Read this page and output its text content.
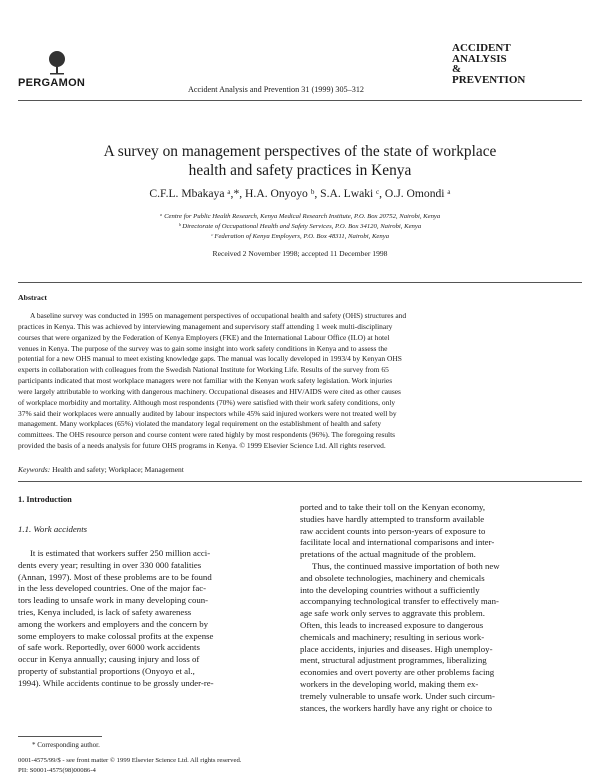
PERGAMON
Accident Analysis and Prevention 31 (1999) 305–312
ACCIDENT
ANALYSIS
&
PREVENTION
A survey on management perspectives of the state of workplace
health and safety practices in Kenya
C.F.L. Mbakaya ᵃ,*, H.A. Onyoyo ᵇ, S.A. Lwaki ᶜ, O.J. Omondi ᵃ
ᵃ Centre for Public Health Research, Kenya Medical Research Institute, P.O. Box 20752, Nairobi, Kenya
ᵇ Directorate of Occupational Health and Safety Services, P.O. Box 34120, Nairobi, Kenya
ᶜ Federation of Kenya Employers, P.O. Box 48311, Nairobi, Kenya
Received 2 November 1998; accepted 11 December 1998
Abstract
A baseline survey was conducted in 1995 on management perspectives of occupational health and safety (OHS) structures and
practices in Kenya. This was achieved by interviewing management and supervisory staff attending 1 week multi-disciplinary
courses that were organized by the Federation of Kenya Employers (FKE) and the International Labour Office (ILO) at hotel
venues in Kenya. The purpose of the survey was to gain some insight into work safety conditions in Kenya and to assess the
potential for a new OHS manual to meet existing knowledge gaps. The manual was locally developed in 1993/4 by Kenyan OHS
experts in collaboration with colleagues from the Swedish National Institute for Working Life. Results of the survey from 65
participants indicated that most workplace managers were not familiar with the Kenyan work safety legislation. Work injuries
were largely attributable to working with dangerous machinery. Occupational diseases and HIV/AIDS were cited as other causes
of workplace morbidity and mortality. Although most respondents (70%) were satisfied with their work safety conditions, only
37% said their workplaces were annually audited by labour inspectors while 45% said injured workers were not treated well by
management. Many workplaces (65%) violated the mandatory legal requirement on the establishment of health and safety
committees. The OHS resource person and course content were rated highly by most respondents (96%). The foregoing results
provided the basis of a needs analysis for future OHS programs in Kenya. © 1999 Elsevier Science Ltd. All rights reserved.
Keywords: Health and safety; Workplace; Management
1. Introduction
1.1. Work accidents
It is estimated that workers suffer 250 million acci-
dents every year; resulting in over 330 000 fatalities
(Annan, 1997). Most of these problems are to be found
in the less developed countries. One of the major fac-
tors leading to unsafe work in many developing coun-
tries, Kenya included, is lack of safety awareness
among the workers and employers and the concern by
some employers to make colossal profits at the expense
of safe work. Reportedly, over 6000 work accidents
occur in Kenya annually; causing injury and loss of
property of substantial proportions (Onyoyo et al.,
1994). While accidents continue to be grossly under-re-
ported and to take their toll on the Kenyan economy,
studies have hardly attempted to transform available
raw accident counts into person-years of exposure to
facilitate local and international comparisons and inter-
pretations of the actual magnitude of the problem.
Thus, the continued massive importation of both new
and obsolete technologies, machinery and chemicals
into the developing countries without a sufficiently
accompanying technological transfer to effectively man-
age safe work only serves to aggravate this problem.
Often, this leads to increased exposure to dangerous
chemicals and machinery; resulting in serious work-
place accidents, injuries and diseases. High unemploy-
ment, structural adjustment programmes, liberalizing
economies and overt poverty are other problems facing
workers in the developing world, making them ex-
tremely vulnerable to unsafe work. Under such circum-
stances, the workers hardly have any right or choice to
* Corresponding author.
0001-4575/99/$ - see front matter © 1999 Elsevier Science Ltd. All rights reserved.
PII: S0001-4575(98)00086-4
